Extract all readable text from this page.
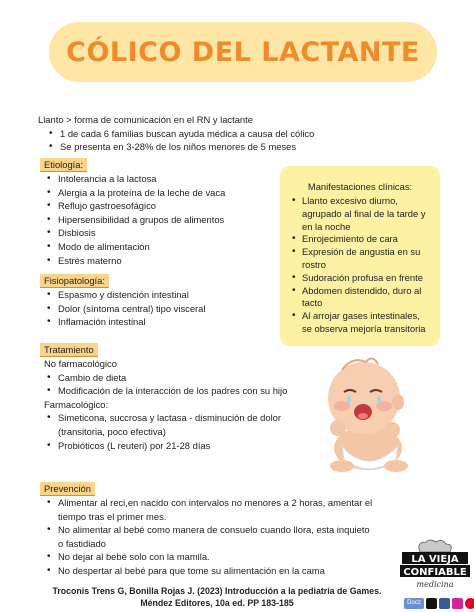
CÓLICO DEL LACTANTE
Llanto > forma de comunicación en el RN y lactante
• 1 de cada 6 familias buscan ayuda médica a causa del cólico
• Se presenta en 3-28% de los niños menores de 5 meses
Etiología:
• Intolerancia a la lactosa
• Alergia a la proteína de la leche de vaca
• Reflujo gastroesofágico
• Hipersensibilidad a grupos de alimentos
• Disbiosis
• Modo de alimentación
• Estrés materno
Manifestaciones clínicas:
• Llanto excesivo diurno, agrupado al final de la tarde y en la noche
• Enrojecimiento de cara
• Expresión de angustia en su rostro
• Sudoración profusa en frente
• Abdomen distendido, duro al tacto
• Al arrojar gases intestinales, se observa mejoría transitoria
Fisiopatología:
• Espasmo y distención intestinal
• Dolor (síntoma central) tipo visceral
• Inflamación intestinal
Tratamiento
No farmacológico
• Cambio de dieta
• Modificación de la interacción de los padres con su hijo
Farmacológico:
• Simeticona, succrosa y lactasa - disminución de dolor (transitoria, poco efectiva)
• Probióticos (L reuteri) por 21-28 días
Prevención
• Alimentar al reci,en nacido con intervalos no menores a 2 horas, amentar el tiempo tras el primer mes.
• No alimentar al bebé como manera de consuelo cuando llora, esta inquieto o fastidiado
• No dejar al bebé solo con la mamila.
• No despertar al bebé para que tome su alimentación en la cama
LA VIEJA
CONFIABLE
medicina
Troconis Trens G, Bonilla Rojas J. (2023) Introducción a la pediatría de Games. Méndez Editores, 10a ed. PP 183-185	Docz
